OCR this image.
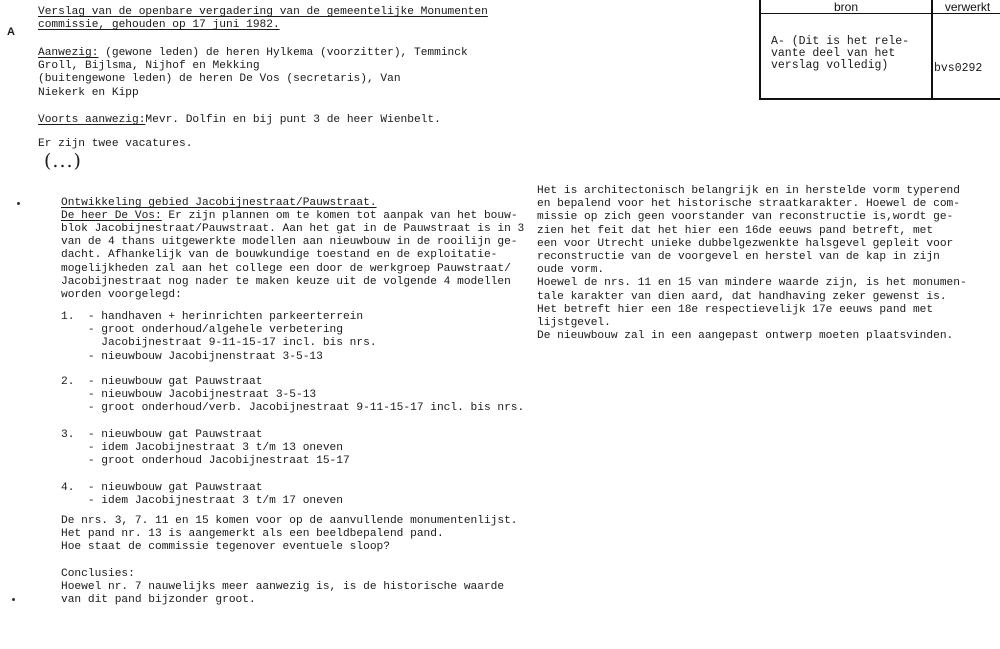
bron	verwerkt
A- (Dit is het rele-
vante deel van het
verslag volledig)	bvs0292
A
Verslag van de openbare vergadering van de gemeentelijke Monumenten
commissie, gehouden op 17 juni 1982.
Aanwezig: (gewone leden) de heren Hylkema (voorzitter), Temminck
Groll, Bijlsma, Nijhof en Mekking
(buitengewone leden) de heren De Vos (secretaris), Van
Niekerk en Kipp
Voorts aanwezig:Mevr. Dolfin en bij punt 3 de heer Wienbelt.
Er zijn twee vacatures.
(...)
Ontwikkeling gebied Jacobijnestraat/Pauwstraat.
De heer De Vos: Er zijn plannen om te komen tot aanpak van het bouw-
blok Jacobijnestraat/Pauwstraat. Aan het gat in de Pauwstraat is in 3
van de 4 thans uitgewerkte modellen aan nieuwbouw in de rooilijn ge-
dacht. Afhankelijk van de bouwkundige toestand en de exploitatie-
mogelijkheden zal aan het college een door de werkgroep Pauwstraat/
Jacobijnestraat nog nader te maken keuze uit de volgende 4 modellen
worden voorgelegd:
1.  - handhaven + herinrichten parkeerterrein
- groot onderhoud/algehele verbetering
Jacobijnestraat 9-11-15-17 incl. bis nrs.
- nieuwbouw Jacobijnenstraat 3-5-13
2.  - nieuwbouw gat Pauwstraat
- nieuwbouw Jacobijnestraat 3-5-13
- groot onderhoud/verb. Jacobijnestraat 9-11-15-17 incl. bis nrs.
3.  - nieuwbouw gat Pauwstraat
- idem Jacobijnestraat 3 t/m 13 oneven
- groot onderhoud Jacobijnestraat 15-17
4.  - nieuwbouw gat Pauwstraat
- idem Jacobijnestraat 3 t/m 17 oneven
De nrs. 3, 7. 11 en 15 komen voor op de aanvullende monumentenlijst.
Het pand nr. 13 is aangemerkt als een beeldbepalend pand.
Hoe staat de commissie tegenover eventuele sloop?
Conclusies:
Hoewel nr. 7 nauwelijks meer aanwezig is, is de historische waarde
van dit pand bijzonder groot.
Het is architectonisch belangrijk en in herstelde vorm typerend
en bepalend voor het historische straatkarakter. Hoewel de com-
missie op zich geen voorstander van reconstructie is,wordt ge-
zien het feit dat het hier een 16de eeuws pand betreft, met
een voor Utrecht unieke dubbelgezwenkte halsgevel gepleit voor
reconstructie van de voorgevel en herstel van de kap in zijn
oude vorm.
Hoewel de nrs. 11 en 15 van mindere waarde zijn, is het monumen-
tale karakter van dien aard, dat handhaving zeker gewenst is.
Het betreft hier een 18e respectievelijk 17e eeuws pand met
lijstgevel.
De nieuwbouw zal in een aangepast ontwerp moeten plaatsvinden.
